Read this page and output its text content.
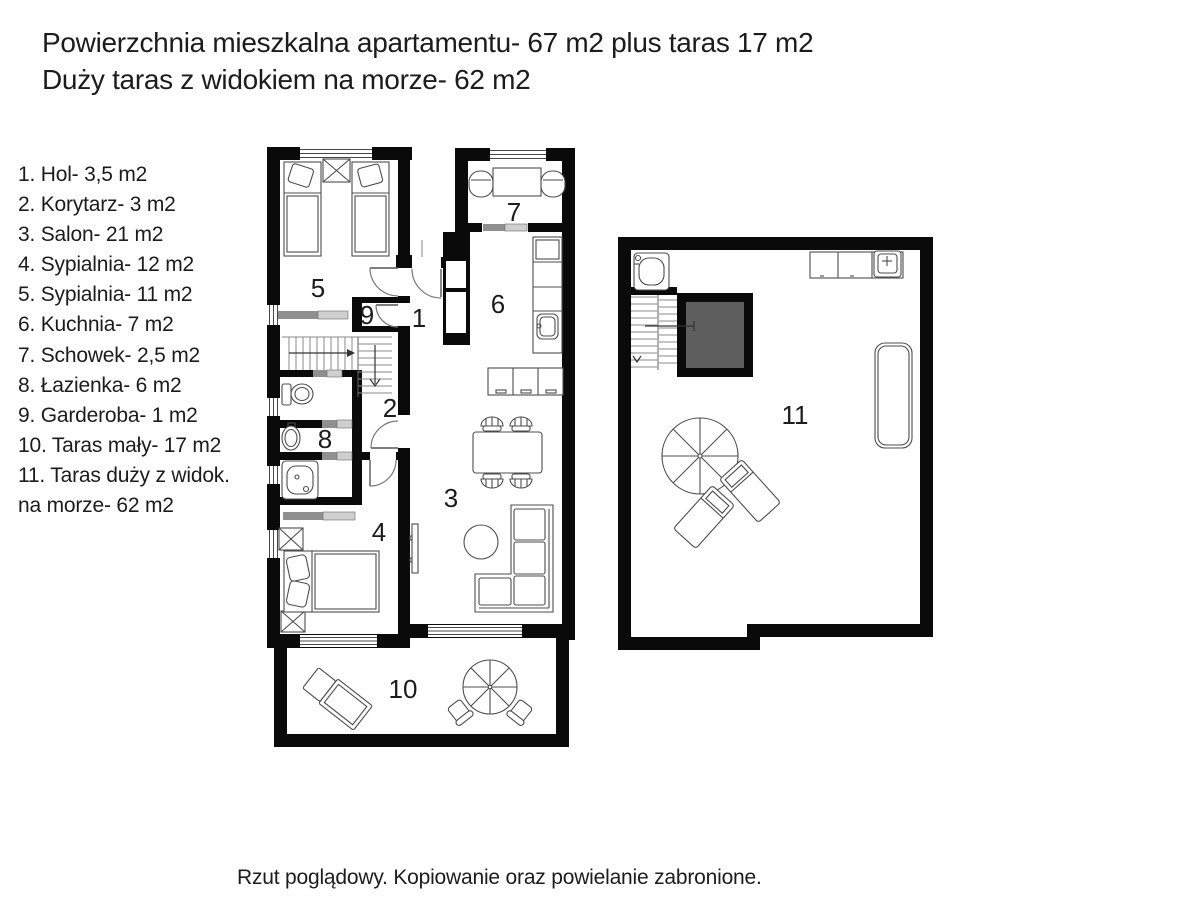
Powierzchnia mieszkalna apartamentu- 67 m2 plus taras 17 m2
Duży taras z widokiem na morze- 62 m2
1. Hol- 3,5 m2
2. Korytarz- 3 m2
3. Salon- 21 m2
4. Sypialnia- 12 m2
5. Sypialnia- 11 m2
6. Kuchnia- 7 m2
7. Schowek- 2,5 m2
8. Łazienka- 6 m2
9. Garderoba- 1 m2
10. Taras mały- 17 m2
11. Taras duży z widok.
na morze- 62 m2
1
2
3
4
5
6
7
8
9
10
11
Rzut poglądowy. Kopiowanie oraz powielanie zabronione.
